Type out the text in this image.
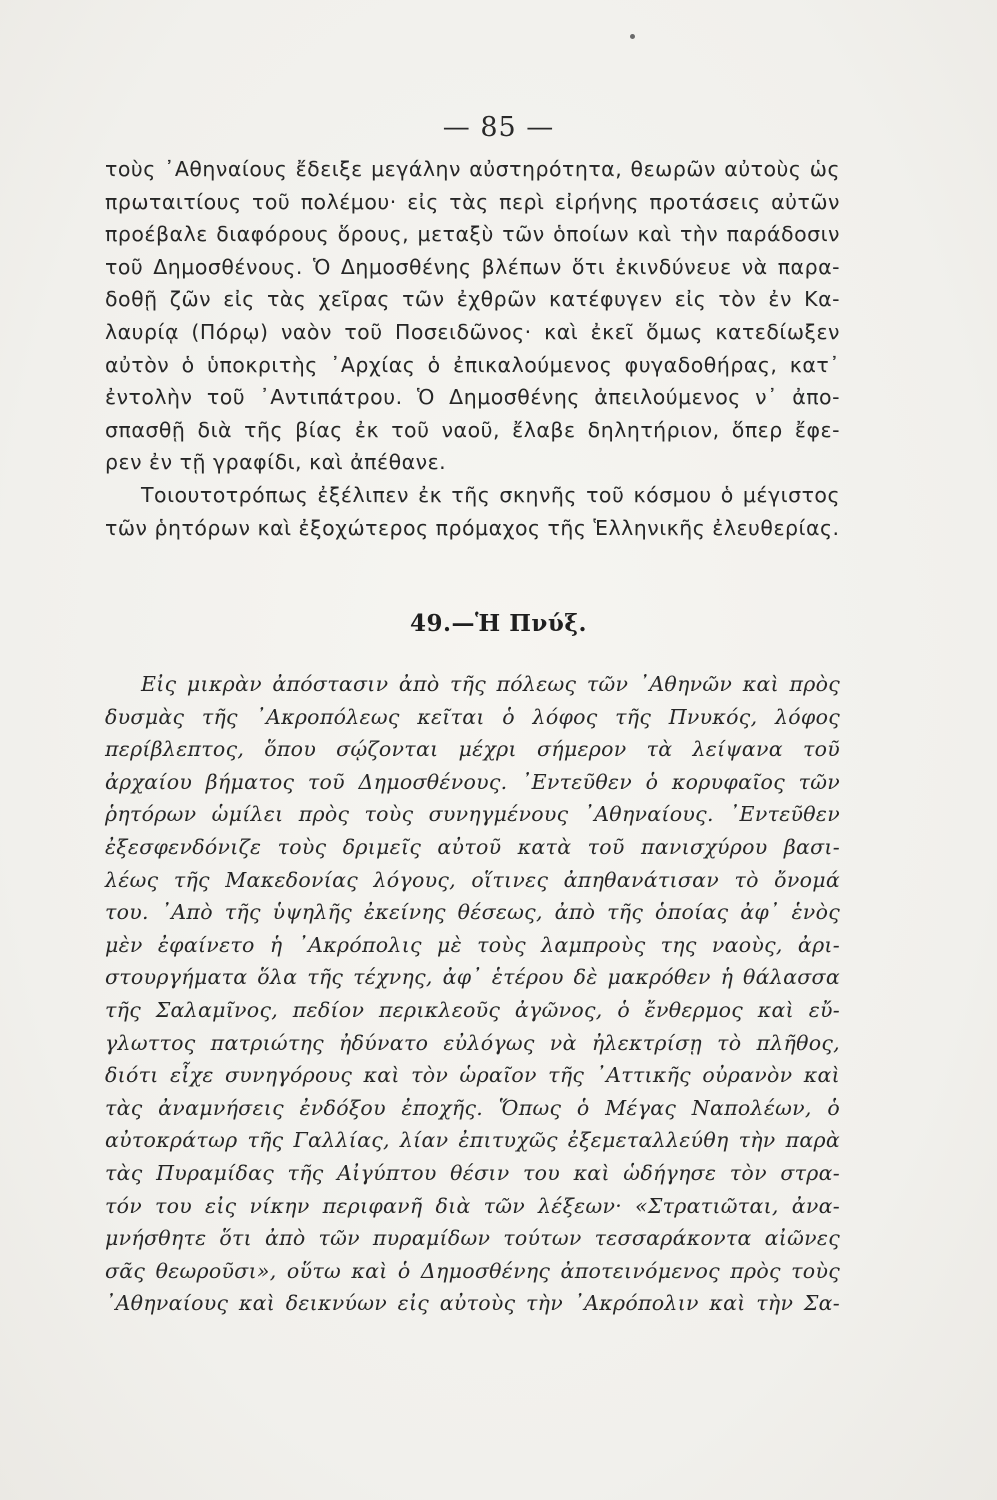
— 85 —
τοὺς ᾿Αθηναίους ἔδειξε μεγάλην αὐστηρότητα, θεωρῶν αὐτοὺς ὡς
πρωταιτίους τοῦ πολέμου· εἰς τὰς περὶ εἰρήνης προτάσεις αὐτῶν
προέβαλε διαφόρους ὅρους, μεταξὺ τῶν ὁποίων καὶ τὴν παράδοσιν
τοῦ Δημοσθένους. Ὁ Δημοσθένης βλέπων ὅτι ἐκινδύνευε νὰ παρα-
δοθῇ ζῶν εἰς τὰς χεῖρας τῶν ἐχθρῶν κατέφυγεν εἰς τὸν ἐν Κα-
λαυρίᾳ (Πόρῳ) ναὸν τοῦ Ποσειδῶνος· καὶ ἐκεῖ ὅμως κατεδίωξεν
αὐτὸν ὁ ὑποκριτὴς ᾿Αρχίας ὁ ἐπικαλούμενος φυγαδοθήρας, κατ᾿
ἐντολὴν τοῦ ᾿Αντιπάτρου. Ὁ Δημοσθένης ἀπειλούμενος ν᾿ ἀπο-
σπασθῇ διὰ τῆς βίας ἐκ τοῦ ναοῦ, ἔλαβε δηλητήριον, ὅπερ ἔφε-
ρεν ἐν τῇ γραφίδι, καὶ ἀπέθανε.
Τοιουτοτρόπως ἐξέλιπεν ἐκ τῆς σκηνῆς τοῦ κόσμου ὁ μέγιστος
τῶν ῥητόρων καὶ ἐξοχώτερος πρόμαχος τῆς Ἑλληνικῆς ἐλευθερίας.
49.—Ἡ Πνύξ.
Εἰς μικρὰν ἀπόστασιν ἀπὸ τῆς πόλεως τῶν ᾿Αθηνῶν καὶ πρὸς
δυσμὰς τῆς ᾿Ακροπόλεως κεῖται ὁ λόφος τῆς Πνυκός, λόφος
περίβλεπτος, ὅπου σῴζονται μέχρι σήμερον τὰ λείψανα τοῦ
ἀρχαίου βήματος τοῦ Δημοσθένους. ᾿Εντεῦθεν ὁ κορυφαῖος τῶν
ῥητόρων ὡμίλει πρὸς τοὺς συνηγμένους ᾿Αθηναίους. ᾿Εντεῦθεν
ἐξεσφενδόνιζε τοὺς δριμεῖς αὐτοῦ κατὰ τοῦ πανισχύρου βασι-
λέως τῆς Μακεδονίας λόγους, οἵτινες ἀπηθανάτισαν τὸ ὄνομά
του. ᾿Απὸ τῆς ὑψηλῆς ἐκείνης θέσεως, ἀπὸ τῆς ὁποίας ἀφ᾿ ἑνὸς
μὲν ἐφαίνετο ἡ ᾿Ακρόπολις μὲ τοὺς λαμπροὺς της ναοὺς, ἀρι-
στουργήματα ὅλα τῆς τέχνης, ἀφ᾿ ἑτέρου δὲ μακρόθεν ἡ θάλασσα
τῆς Σαλαμῖνος, πεδίον περικλεοῦς ἀγῶνος, ὁ ἔνθερμος καὶ εὔ-
γλωττος πατριώτης ἠδύνατο εὐλόγως νὰ ἠλεκτρίσῃ τὸ πλῆθος,
διότι εἶχε συνηγόρους καὶ τὸν ὡραῖον τῆς ᾿Αττικῆς οὐρανὸν καὶ
τὰς ἀναμνήσεις ἐνδόξου ἐποχῆς. Ὅπως ὁ Μέγας Ναπολέων, ὁ
αὐτοκράτωρ τῆς Γαλλίας, λίαν ἐπιτυχῶς ἐξεμεταλλεύθη τὴν παρὰ
τὰς Πυραμίδας τῆς Αἰγύπτου θέσιν του καὶ ὡδήγησε τὸν στρα-
τόν του εἰς νίκην περιφανῆ διὰ τῶν λέξεων· «Στρατιῶται, ἀνα-
μνήσθητε ὅτι ἀπὸ τῶν πυραμίδων τούτων τεσσαράκοντα αἰῶνες
σᾶς θεωροῦσι», οὕτω καὶ ὁ Δημοσθένης ἀποτεινόμενος πρὸς τοὺς
᾿Αθηναίους καὶ δεικνύων εἰς αὐτοὺς τὴν ᾿Ακρόπολιν καὶ τὴν Σα-
